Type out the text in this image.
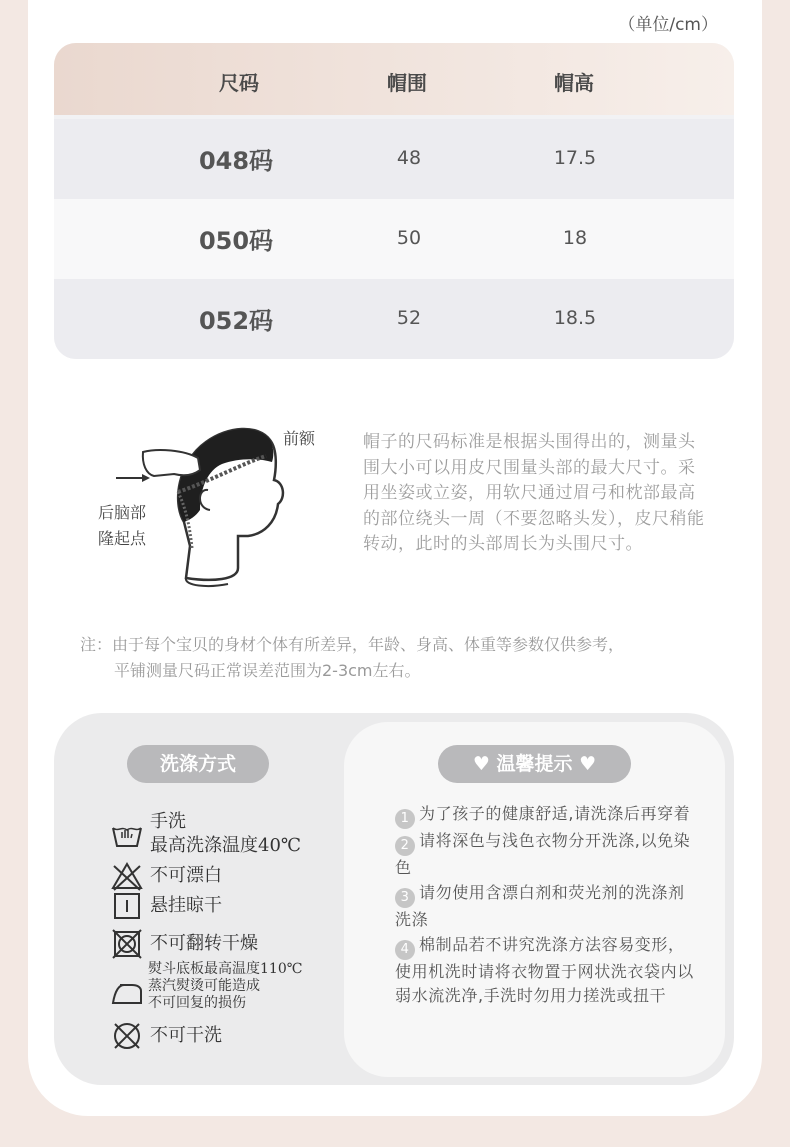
（单位/cm）
尺码	帽围	帽高
048码	48	17.5
050码	50	18
052码	52	18.5
前额
后脑部
隆起点
帽子的尺码标准是根据头围得出的，测量头围大小可以用皮尺围量头部的最大尺寸。采用坐姿或立姿，用软尺通过眉弓和枕部最高的部位绕头一周（不要忽略头发），皮尺稍能转动，此时的头部周长为头围尺寸。
注：由于每个宝贝的身材个体有所差异，年龄、身高、体重等参数仅供参考，
平铺测量尺码正常误差范围为2-3cm左右。
洗涤方式	♥ 温馨提示 ♥
手洗
最高洗涤温度40℃
不可漂白
悬挂晾干
不可翻转干燥
熨斗底板最高温度110℃
蒸汽熨烫可能造成
不可回复的损伤
不可干洗
1 为了孩子的健康舒适,请洗涤后再穿着
2 请将深色与浅色衣物分开洗涤,以免染色
3 请勿使用含漂白剂和荧光剂的洗涤剂洗涤
4 棉制品若不讲究洗涤方法容易变形，使用机洗时请将衣物置于网状洗衣袋内以弱水流洗净,手洗时勿用力搓洗或扭干
